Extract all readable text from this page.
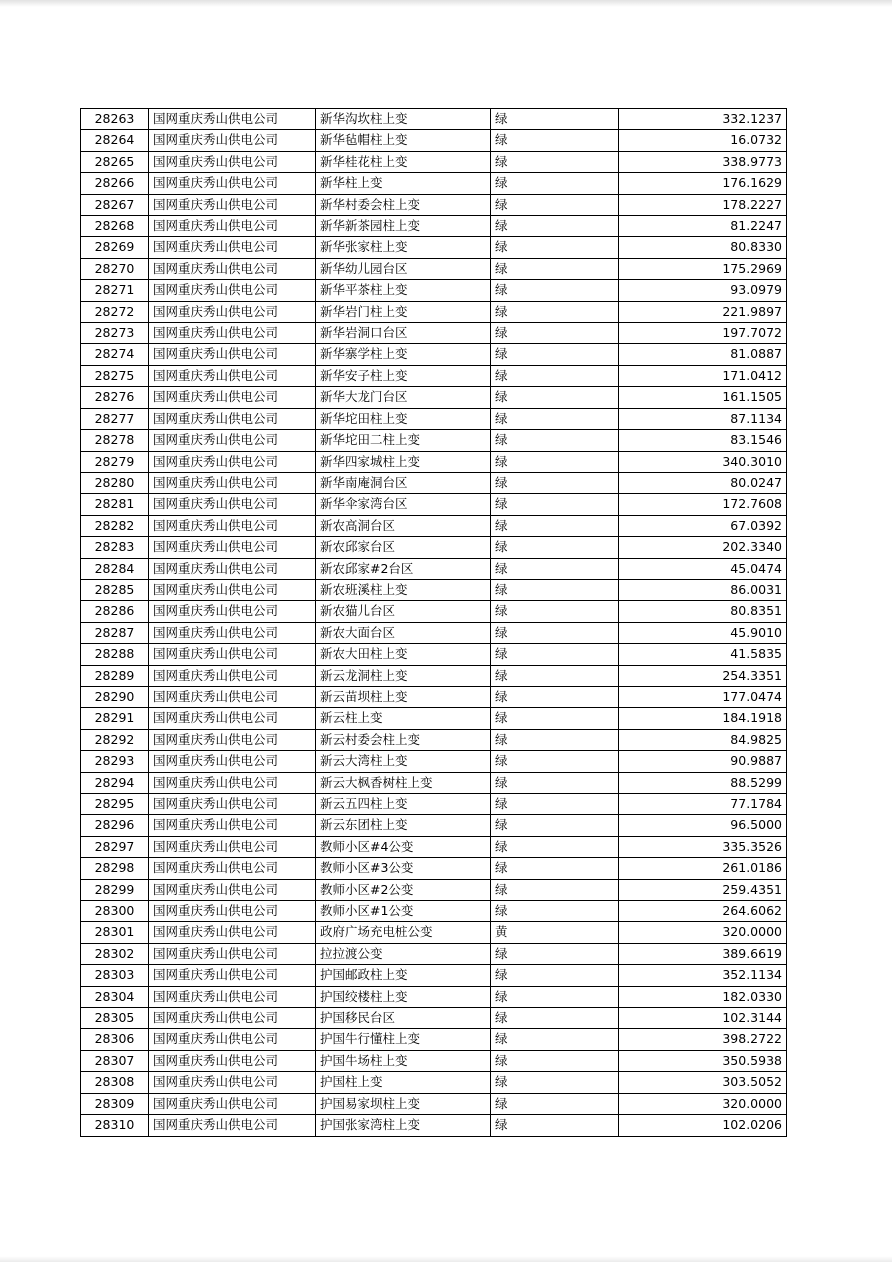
28263	国网重庆秀山供电公司	新华沟坎柱上变	绿	332.1237
28264	国网重庆秀山供电公司	新华毡帽柱上变	绿	16.0732
28265	国网重庆秀山供电公司	新华桂花柱上变	绿	338.9773
28266	国网重庆秀山供电公司	新华柱上变	绿	176.1629
28267	国网重庆秀山供电公司	新华村委会柱上变	绿	178.2227
28268	国网重庆秀山供电公司	新华新茶园柱上变	绿	81.2247
28269	国网重庆秀山供电公司	新华张家柱上变	绿	80.8330
28270	国网重庆秀山供电公司	新华幼儿园台区	绿	175.2969
28271	国网重庆秀山供电公司	新华平茶柱上变	绿	93.0979
28272	国网重庆秀山供电公司	新华岩门柱上变	绿	221.9897
28273	国网重庆秀山供电公司	新华岩洞口台区	绿	197.7072
28274	国网重庆秀山供电公司	新华寨学柱上变	绿	81.0887
28275	国网重庆秀山供电公司	新华安子柱上变	绿	171.0412
28276	国网重庆秀山供电公司	新华大龙门台区	绿	161.1505
28277	国网重庆秀山供电公司	新华坨田柱上变	绿	87.1134
28278	国网重庆秀山供电公司	新华坨田二柱上变	绿	83.1546
28279	国网重庆秀山供电公司	新华四家城柱上变	绿	340.3010
28280	国网重庆秀山供电公司	新华南庵洞台区	绿	80.0247
28281	国网重庆秀山供电公司	新华伞家湾台区	绿	172.7608
28282	国网重庆秀山供电公司	新农高洞台区	绿	67.0392
28283	国网重庆秀山供电公司	新农邱家台区	绿	202.3340
28284	国网重庆秀山供电公司	新农邱家#2台区	绿	45.0474
28285	国网重庆秀山供电公司	新农班溪柱上变	绿	86.0031
28286	国网重庆秀山供电公司	新农猫儿台区	绿	80.8351
28287	国网重庆秀山供电公司	新农大面台区	绿	45.9010
28288	国网重庆秀山供电公司	新农大田柱上变	绿	41.5835
28289	国网重庆秀山供电公司	新云龙洞柱上变	绿	254.3351
28290	国网重庆秀山供电公司	新云苗坝柱上变	绿	177.0474
28291	国网重庆秀山供电公司	新云柱上变	绿	184.1918
28292	国网重庆秀山供电公司	新云村委会柱上变	绿	84.9825
28293	国网重庆秀山供电公司	新云大湾柱上变	绿	90.9887
28294	国网重庆秀山供电公司	新云大枫香树柱上变	绿	88.5299
28295	国网重庆秀山供电公司	新云五四柱上变	绿	77.1784
28296	国网重庆秀山供电公司	新云东团柱上变	绿	96.5000
28297	国网重庆秀山供电公司	教师小区#4公变	绿	335.3526
28298	国网重庆秀山供电公司	教师小区#3公变	绿	261.0186
28299	国网重庆秀山供电公司	教师小区#2公变	绿	259.4351
28300	国网重庆秀山供电公司	教师小区#1公变	绿	264.6062
28301	国网重庆秀山供电公司	政府广场充电桩公变	黄	320.0000
28302	国网重庆秀山供电公司	拉拉渡公变	绿	389.6619
28303	国网重庆秀山供电公司	护国邮政柱上变	绿	352.1134
28304	国网重庆秀山供电公司	护国绞楼柱上变	绿	182.0330
28305	国网重庆秀山供电公司	护国移民台区	绿	102.3144
28306	国网重庆秀山供电公司	护国牛行懂柱上变	绿	398.2722
28307	国网重庆秀山供电公司	护国牛场柱上变	绿	350.5938
28308	国网重庆秀山供电公司	护国柱上变	绿	303.5052
28309	国网重庆秀山供电公司	护国易家坝柱上变	绿	320.0000
28310	国网重庆秀山供电公司	护国张家湾柱上变	绿	102.0206
